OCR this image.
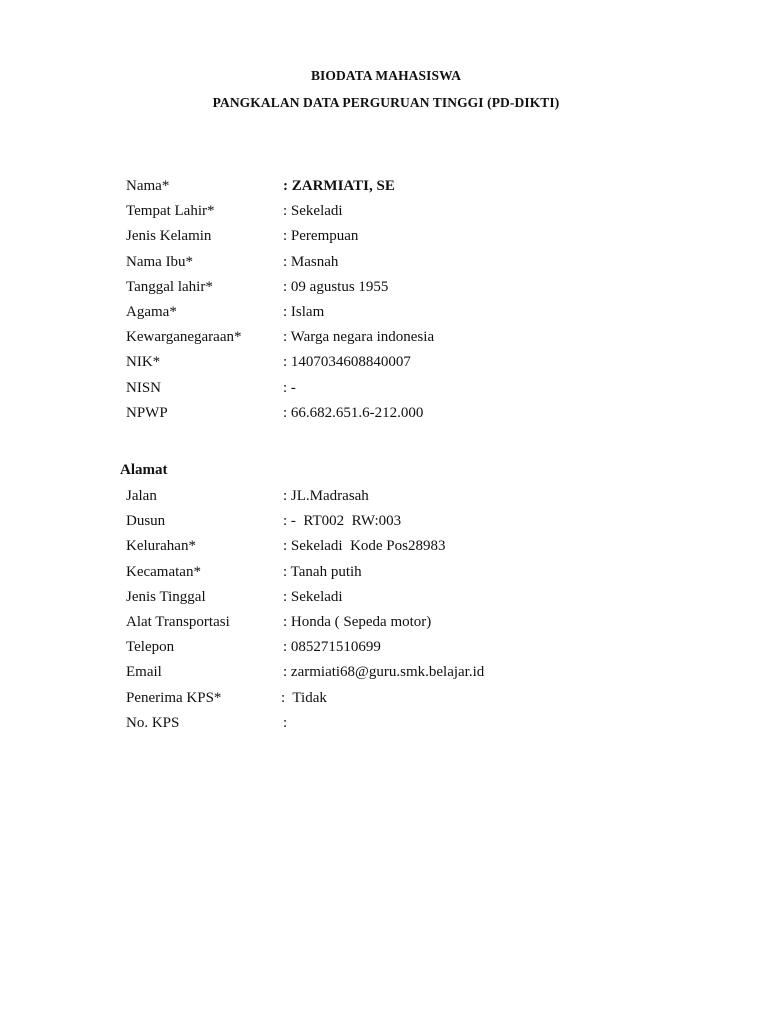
BIODATA MAHASISWA
PANGKALAN DATA PERGURUAN TINGGI (PD-DIKTI)
Nama*	: ZARMIATI, SE
Tempat Lahir*	: Sekeladi
Jenis Kelamin	: Perempuan
Nama Ibu*	: Masnah
Tanggal lahir*	: 09 agustus 1955
Agama*	: Islam
Kewarganegaraan*	: Warga negara indonesia
NIK*	: 1407034608840007
NISN	: -
NPWP	: 66.682.651.6-212.000
Alamat
Jalan	: JL.Madrasah
Dusun	: -  RT002  RW:003
Kelurahan*	: Sekeladi  Kode Pos28983
Kecamatan*	: Tanah putih
Jenis Tinggal	: Sekeladi
Alat Transportasi	: Honda ( Sepeda motor)
Telepon	: 085271510699
Email	: zarmiati68@guru.smk.belajar.id
Penerima KPS*	:  Tidak
No. KPS	:
